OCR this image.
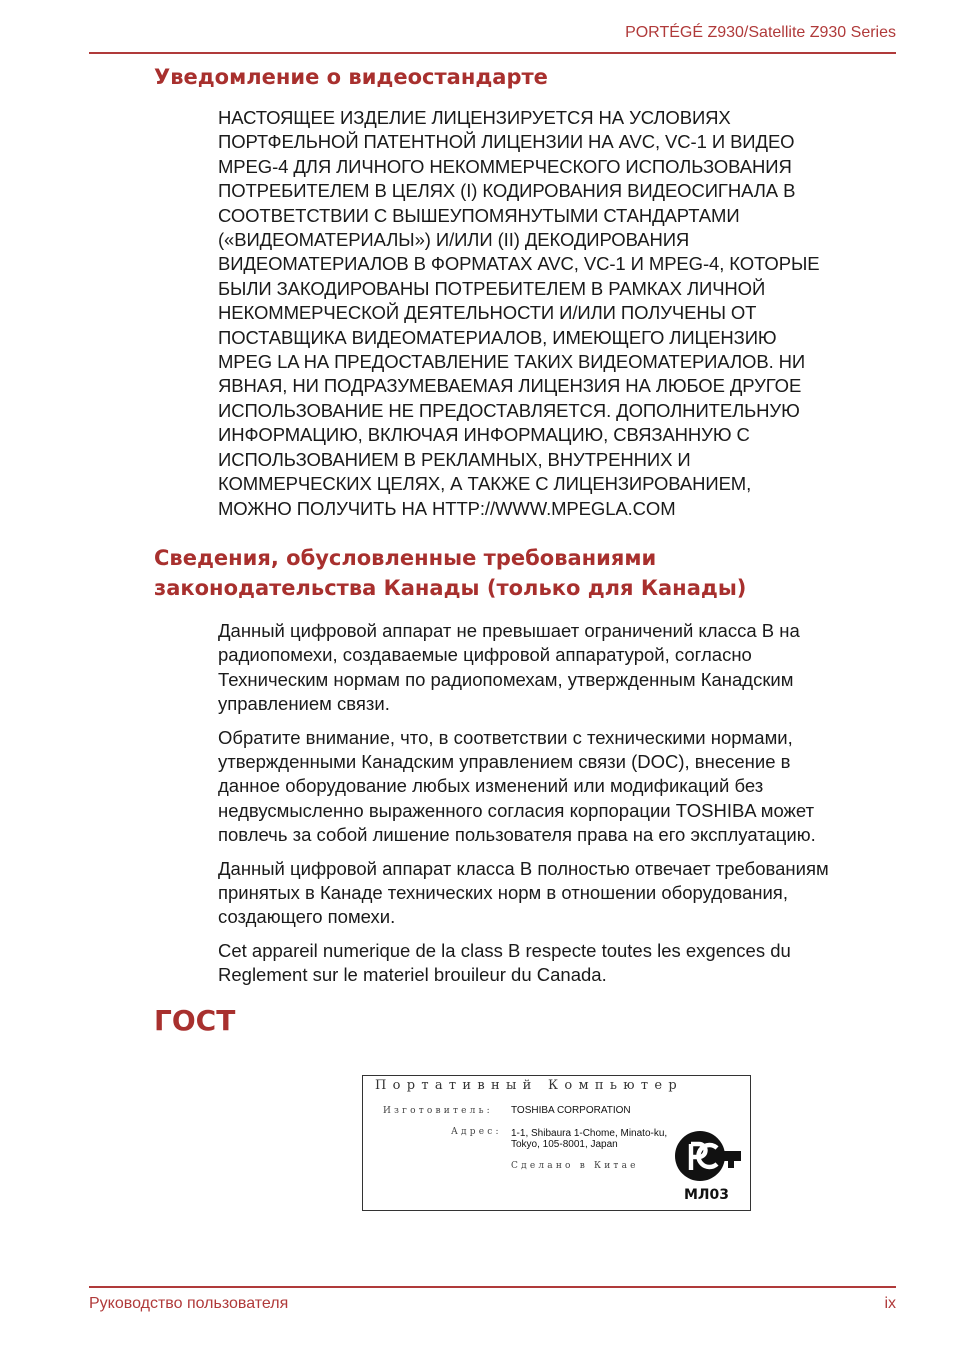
PORTÉGÉ Z930/Satellite Z930 Series
Уведомление о видеостандарте
НАСТОЯЩЕЕ ИЗДЕЛИЕ ЛИЦЕНЗИРУЕТСЯ НА УСЛОВИЯХ
ПОРТФЕЛЬНОЙ ПАТЕНТНОЙ ЛИЦЕНЗИИ НА AVC, VC-1 И ВИДЕО
MPEG-4 ДЛЯ ЛИЧНОГО НЕКОММЕРЧЕСКОГО ИСПОЛЬЗОВАНИЯ
ПОТРЕБИТЕЛЕМ В ЦЕЛЯХ (I) КОДИРОВАНИЯ ВИДЕОСИГНАЛА В
СООТВЕТСТВИИ С ВЫШЕУПОМЯНУТЫМИ СТАНДАРТАМИ
(«ВИДЕОМАТЕРИАЛЫ») И/ИЛИ (II) ДЕКОДИРОВАНИЯ
ВИДЕОМАТЕРИАЛОВ В ФОРМАТАХ AVC, VC-1 И MPEG-4, КОТОРЫЕ
БЫЛИ ЗАКОДИРОВАНЫ ПОТРЕБИТЕЛЕМ В РАМКАХ ЛИЧНОЙ
НЕКОММЕРЧЕСКОЙ ДЕЯТЕЛЬНОСТИ И/ИЛИ ПОЛУЧЕНЫ ОТ
ПОСТАВЩИКА ВИДЕОМАТЕРИАЛОВ, ИМЕЮЩЕГО ЛИЦЕНЗИЮ
MPEG LA НА ПРЕДОСТАВЛЕНИЕ ТАКИХ ВИДЕОМАТЕРИАЛОВ. НИ
ЯВНАЯ, НИ ПОДРАЗУМЕВАЕМАЯ ЛИЦЕНЗИЯ НА ЛЮБОЕ ДРУГОЕ
ИСПОЛЬЗОВАНИЕ НЕ ПРЕДОСТАВЛЯЕТСЯ. ДОПОЛНИТЕЛЬНУЮ
ИНФОРМАЦИЮ, ВКЛЮЧАЯ ИНФОРМАЦИЮ, СВЯЗАННУЮ С
ИСПОЛЬЗОВАНИЕМ В РЕКЛАМНЫХ, ВНУТРЕННИХ И
КОММЕРЧЕСКИХ ЦЕЛЯХ, А ТАКЖЕ С ЛИЦЕНЗИРОВАНИЕМ,
МОЖНО ПОЛУЧИТЬ НА HTTP://WWW.MPEGLA.COM
Сведения, обусловленные требованиями
законодательства Канады (только для Канады)

Данный цифровой аппарат не превышает ограничений класса В на
радиопомехи, создаваемые цифровой аппаратурой, согласно
Техническим нормам по радиопомехам, утвержденным Канадским
управлением связи.

Обратите внимание, что, в соответствии с техническими нормами,
утвержденными Канадским управлением связи (DOC), внесение в
данное оборудование любых изменений или модификаций без
недвусмысленно выраженного согласия корпорации TOSHIBA может
повлечь за собой лишение пользователя права на его эксплуатацию.

Данный цифровой аппарат класса В полностью отвечает требованиям
принятых в Канаде технических норм в отношении оборудования,
создающего помехи.

Cet appareil numerique de la class B respecte toutes les exgences du
Reglement sur le materiel brouileur du Canada.

ГОСТ
Портативный Компьютер
Изготовитель: TOSHIBA CORPORATION
Адрес: 1-1, Shibaura 1-Chome, Minato-ku,
Tokyo, 105-8001, Japan
Сделано в Китае
МЛ03
Руководство пользователя	ix
